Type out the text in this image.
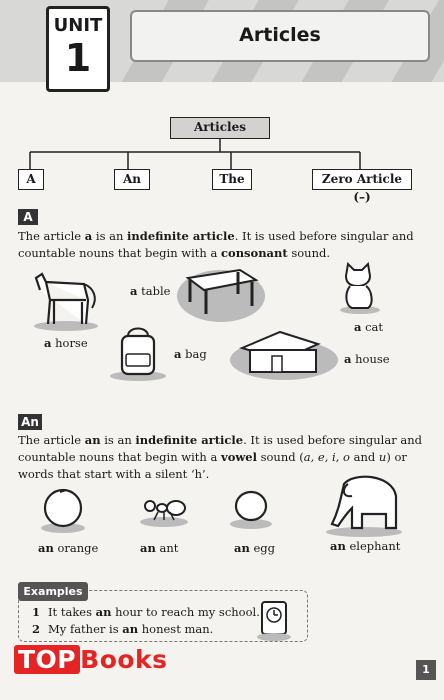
Articles
UNIT
1
Articles
A	An	The	Zero Article (–)
A
The article a is an indefinite article. It is used before singular and countable nouns that begin with a consonant sound.
a horse
a table
a bag	a house
a cat
An
The article an is an indefinite article. It is used before singular and countable nouns that begin with a vowel sound (a, e, i, o and u) or words that start with a silent ‘h’.
an orange	an ant	an egg	an elephant
Examples
1 It takes an hour to reach my school.
2 My father is an honest man.
TOP Books	1
